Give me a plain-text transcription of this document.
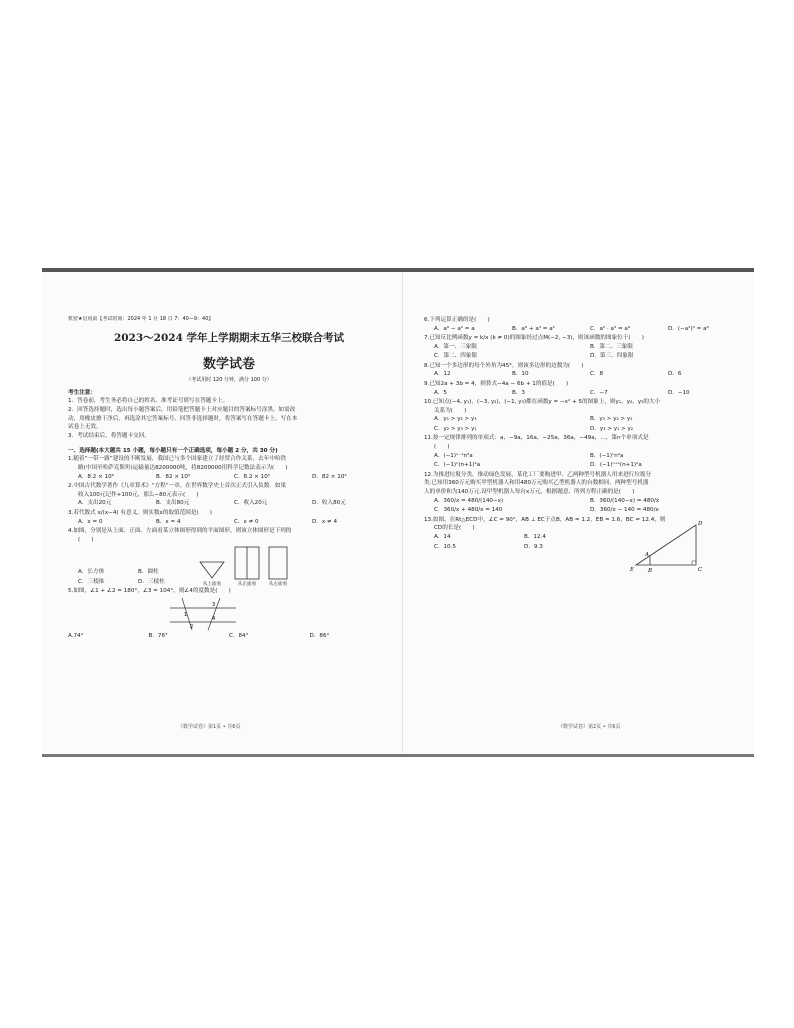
机密★启用前【考试时间：2024 年 1 月 18 日 7：40—9：40】
2023～2024 学年上学期期末五华三校联合考试
数学试卷
（考试用时 120 分钟，满分 100 分）
考生注意：
1．答卷前，考生务必将自己的姓名、准考证号填写在答题卡上。
2．回答选择题时，选出每小题答案后，用铅笔把答题卡上对应题目的答案标号涂黑。如需改
动，用橡皮擦干净后，再选涂其它答案标号。回答非选择题时，将答案写在答题卡上，写在本
试卷上无效。
3．考试结束后，将答题卡交回。
一、选择题(本大题共 15 小题，每小题只有一个正确选项，每小题 2 分，共 30 分)
1.随着“一带一路”建设的不断发展，我国已与多个国家建立了经贸合作关系，去年中哈铁
路(中国至哈萨克斯坦)运输量达8200000吨，将8200000用科学记数法表示为(　　)
A．8.2 × 10⁶	B．82 × 10⁵	C．8.2 × 10⁵	D．82 × 10⁴
2.中国古代数学著作《九章算术》“方程”一章，在世界数学史上首次正式引入负数．如果
收入100元记作+100元，那么−80元表示(　　)
A．支出20元	B．支出80元	C．收入20元	D．收入80元
3.若代数式 x/(x−4) 有意义，则实数x的取值范围是(　　)
A．x = 0	B．x = 4	C．x ≠ 0	D．x ≠ 4
4.如图，分别是从上面、正面、左面看某立体图形得到的平面图形，则该立体图形是下列的
(　　)
A．长方体	B．圆柱
C．三棱锥	D．三棱柱	从上面看	从正面看	从左面看
5.如图，∠1 + ∠2 = 180°，∠3 = 104°，则∠4的度数是(　　)
1
2
3
4
A.74°	B．76°	C．84°	D．86°
《数学试卷》第1页 • 共6页
6.下列运算正确的是(　　)
A．a⁶ − a² = a	B．a⁶ + a⁴ = a²	C．a² · a³ = a⁶	D．(−a²)³ = a⁶
7.已知反比例函数y = k/x (k ≠ 0)的图象经过点M(−2, −3)，则该函数的图象位于(　　)
A．第一、三象限	B．第二、三象限
C．第二、四象限	D．第三、四象限
8.已知一个多边形的每个外角为45°，则该多边形的边数为(　　)
A．12	B．10	C．8	D．6
9.已知2a + 3b = 4，则算式−4a − 6b + 1的值是(　　)
A．5	B．3	C．−7	D．−10
10.已知点(−4, y₁)，(−3, y₂)，(−1, y₃)都在函数y = −x² + 5的图象上，则y₁，y₂，y₃的大小
关系为(　　)
A．y₁ > y₂ > y₃	B．y₃ > y₂ > y₁
C．y₂ > y₃ > y₁	D．y₃ > y₁ > y₂
11.按一定规律排列的单项式：a，−9a，16a，−25a，36a，−49a，…，第n个单项式是
(　　)
A．(−1)ⁿ⁻¹n²a	B．(−1)ⁿn²a
C．(−1)ⁿ(n+1)²a	D．(−1)ⁿ⁺¹(n+1)²a
12.为推进垃圾分类，推动绿色发展，某化工厂要购进甲、乙两种型号机器人用来进行垃圾分
类.已知用360万元购买甲型机器人和用480万元购买乙型机器人的台数相同，两种型号机器
人的单价和为140万元.设甲型机器人每台x万元，根据题意，所列方程正确的是(　　)
A．360/x = 480/(140−x)	B．360/(140−x) = 480/x
C．360/x + 480/x = 140	D．360/x − 140 = 480/x
13.如图，在Rt△ECD中，∠C = 90°，AB ⊥ EC于点B，AB = 1.2，EB = 1.6，BC = 12.4，则
CD的长是(　　)
A．14	B．12.4
C．10.5	D．9.3
D
A
E	B	C
《数学试卷》第2页 • 共6页
